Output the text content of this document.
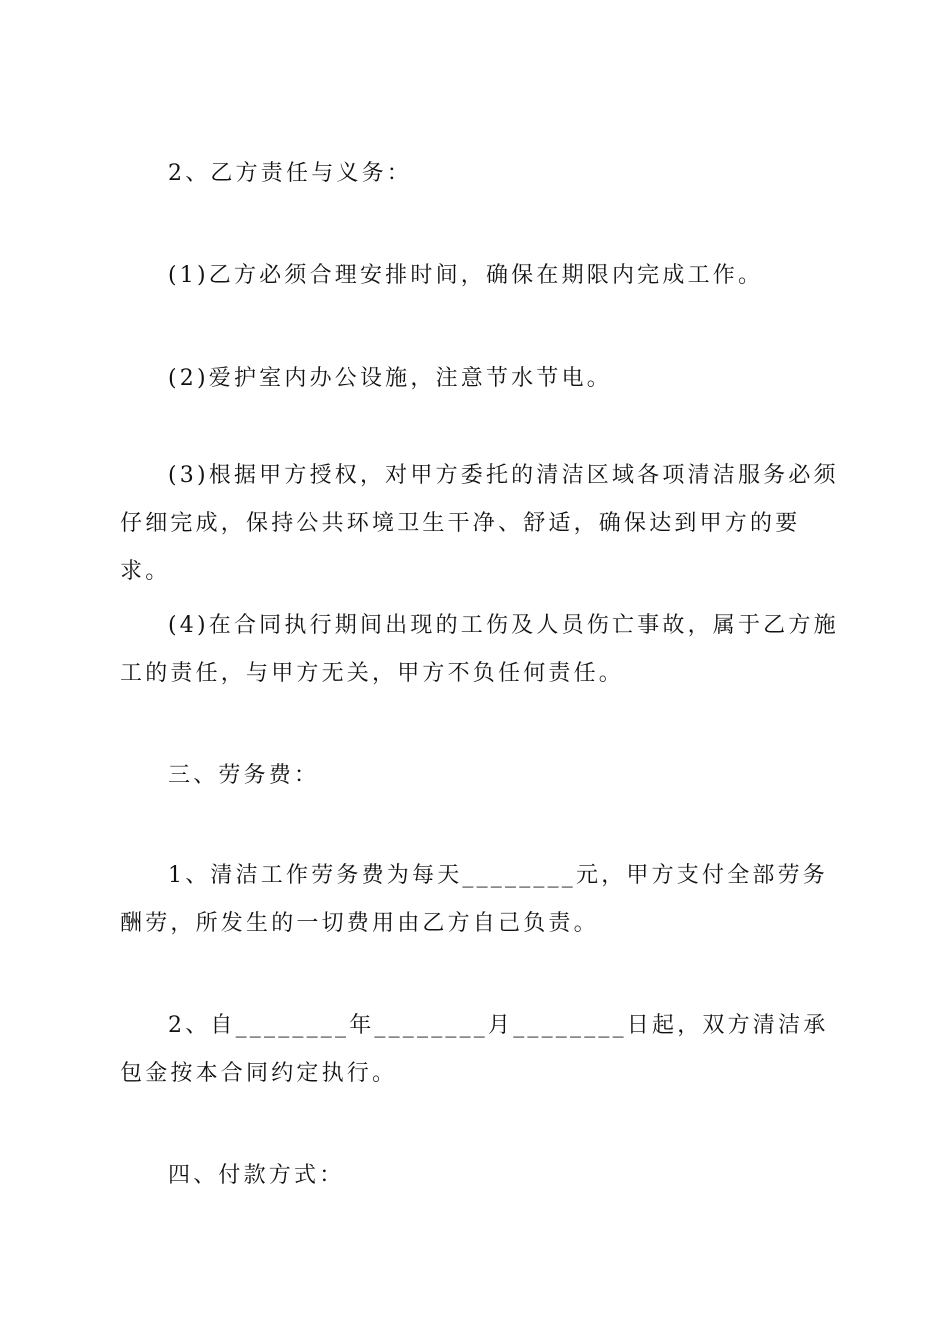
2、乙方责任与义务：
(1)乙方必须合理安排时间，确保在期限内完成工作。
(2)爱护室内办公设施，注意节水节电。
(3)根据甲方授权，对甲方委托的清洁区域各项清洁服务必须仔细完成，保持公共环境卫生干净、舒适，确保达到甲方的要求。
(4)在合同执行期间出现的工伤及人员伤亡事故，属于乙方施工的责任，与甲方无关，甲方不负任何责任。
三、劳务费：
1、清洁工作劳务费为每天________元，甲方支付全部劳务酬劳，所发生的一切费用由乙方自己负责。
2、自________年________月________日起，双方清洁承包金按本合同约定执行。
四、付款方式：
